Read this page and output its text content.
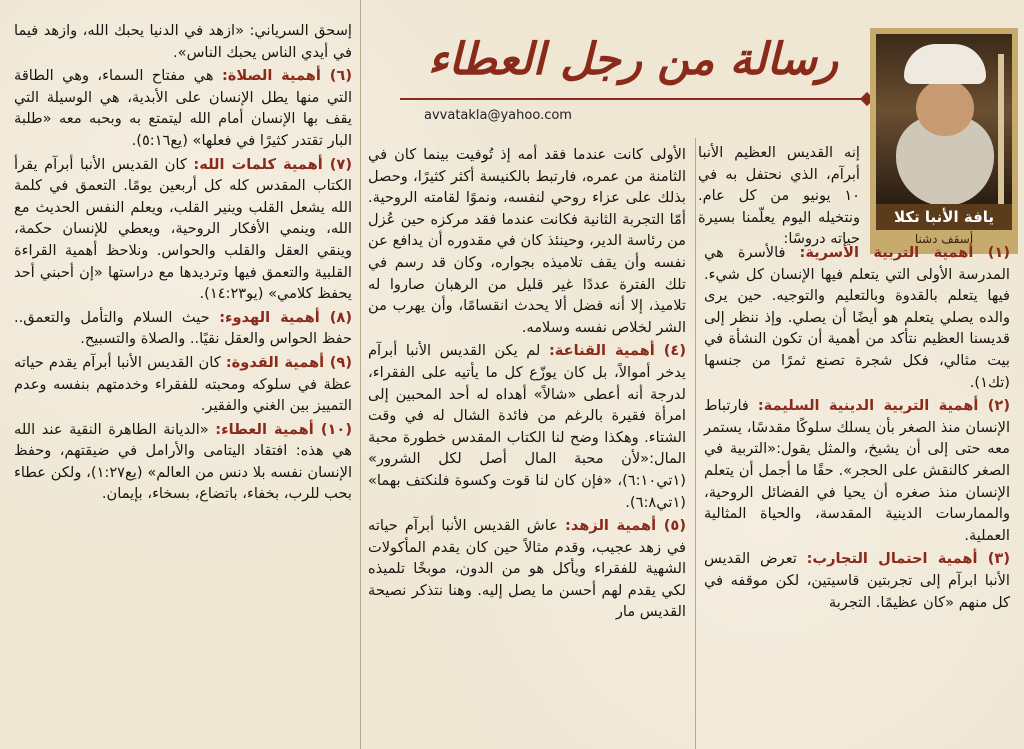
رسالة من رجل العطاء
avvatakla@yahoo.com
يافة الأنبا تكلا
أسقف دشنا
إنه القديس العظيم الأنبا أبرآم، الذي نحتفل به في ١٠ يونيو من كل عام. ونتخيله اليوم يعلّمنا بسيرة حياته دروسًا:

(١) أهمية التربية الأسرية: فالأسرة هي المدرسة الأولى التي يتعلم فيها الإنسان كل شيء. فيها يتعلم بالقدوة وبالتعليم والتوجيه. حين يرى والده يصلي يتعلم هو أيضًا أن يصلي. وإذ ننظر إلى قديسنا العظيم نتأكد من أهمية أن تكون النشأة في بيت مثالي، فكل شجرة تصنع ثمرًا من جنسها (تك١).

(٢) أهمية التربية الدينية السليمة: فارتباط الإنسان منذ الصغر بأن يسلك سلوكًا مقدسًا، يستمر معه حتى إلى أن يشيخ، والمثل يقول:«التربية في الصغر كالنقش على الحجر». حقًا ما أجمل أن يتعلم الإنسان منذ صغره أن يحيا في الفضائل الروحية، والممارسات الدينية المقدسة، والحياة المثالية العملية.

(٣) أهمية احتمال التجارب: تعرض القديس الأنبا ابرآم إلى تجربتين قاسيتين، لكن موقفه في كل منهم «كان عظيمًا. التجربة

الأولى كانت عندما فقد أمه إذ تُوفيت بينما كان في الثامنة من عمره، فارتبط بالكنيسة أكثر كثيرًا، وحصل بذلك على عزاء روحي لنفسه، ونموًا لقامته الروحية. أمّا التجربة الثانية فكانت عندما فقد مركزه حين عُزل من رئاسة الدير، وحينئذ كان في مقدوره أن يدافع عن نفسه وأن يقف تلاميذه بجواره، وكان قد رسم في تلك الفترة عددًا غير قليل من الرهبان صاروا له تلاميذ، إلا أنه فضل ألا يحدث انقسامًا، وأن يهرب من الشر لخلاص نفسه وسلامه.

(٤) أهمية القناعة: لم يكن القديس الأنبا أبرآم يدخر أموالاً، بل كان يوزّع كل ما يأتيه على الفقراء، لدرجة أنه أعطى «شالاً» أهداه له أحد المحبين إلى امرأة فقيرة بالرغم من فائدة الشال له في وقت الشتاء. وهكذا وضح لنا الكتاب المقدس خطورة محبة المال:«لأن محبة المال أصل لكل الشرور» (١تي٦:١٠)، «فإن كان لنا قوت وكسوة فلنكتف بهما» (١تي٦:٨).

(٥) أهمية الزهد: عاش القديس الأنبا أبرآم حياته في زهد عجيب، وقدم مثالاً حين كان يقدم المأكولات الشهية للفقراء ويأكل هو من الدون، موبخًا تلميذه لكي يقدم لهم أحسن ما يصل إليه. وهنا نتذكر نصيحة القديس مار

إسحق السرياني: «ازهد في الدنيا يحبك الله، وازهد فيما في أيدي الناس يحبك الناس».

(٦) أهمية الصلاة: هي مفتاح السماء، وهي الطاقة التي منها يطل الإنسان على الأبدية، هي الوسيلة التي يقف بها الإنسان أمام الله ليتمتع به وبحبه معه «طلبة البار تقتدر كثيرًا في فعلها» (يع٥:١٦).

(٧) أهمية كلمات الله: كان القديس الأنبا أبرآم يقرأ الكتاب المقدس كله كل أربعين يومًا. التعمق في كلمة الله يشعل القلب وينير القلب، ويعلم النفس الحديث مع الله، وينمي الأفكار الروحية، ويعطي للإنسان حكمة، وينقي العقل والقلب والحواس. ونلاحظ أهمية القراءة القلبية والتعمق فيها وترديدها مع دراستها «إن أحبني أحد يحفظ كلامي» (يو١٤:٢٣).

(٨) أهمية الهدوء: حيث السلام والتأمل والتعمق.. حفظ الحواس والعقل نقيًا.. والصلاة والتسبيح.

(٩) أهمية القدوة: كان القديس الأنبا أبرآم يقدم حياته عظة في سلوكه ومحبته للفقراء وخدمتهم بنفسه وعدم التمييز بين الغني والفقير.

(١٠) أهمية العطاء: «الديانة الطاهرة النقية عند الله هي هذه: افتقاد اليتامى والأرامل في ضيقتهم، وحفظ الإنسان نفسه بلا دنس من العالم» (يع١:٢٧)، ولكن عطاء بحب للرب، بخفاء، باتضاع، بسخاء، بإيمان.
